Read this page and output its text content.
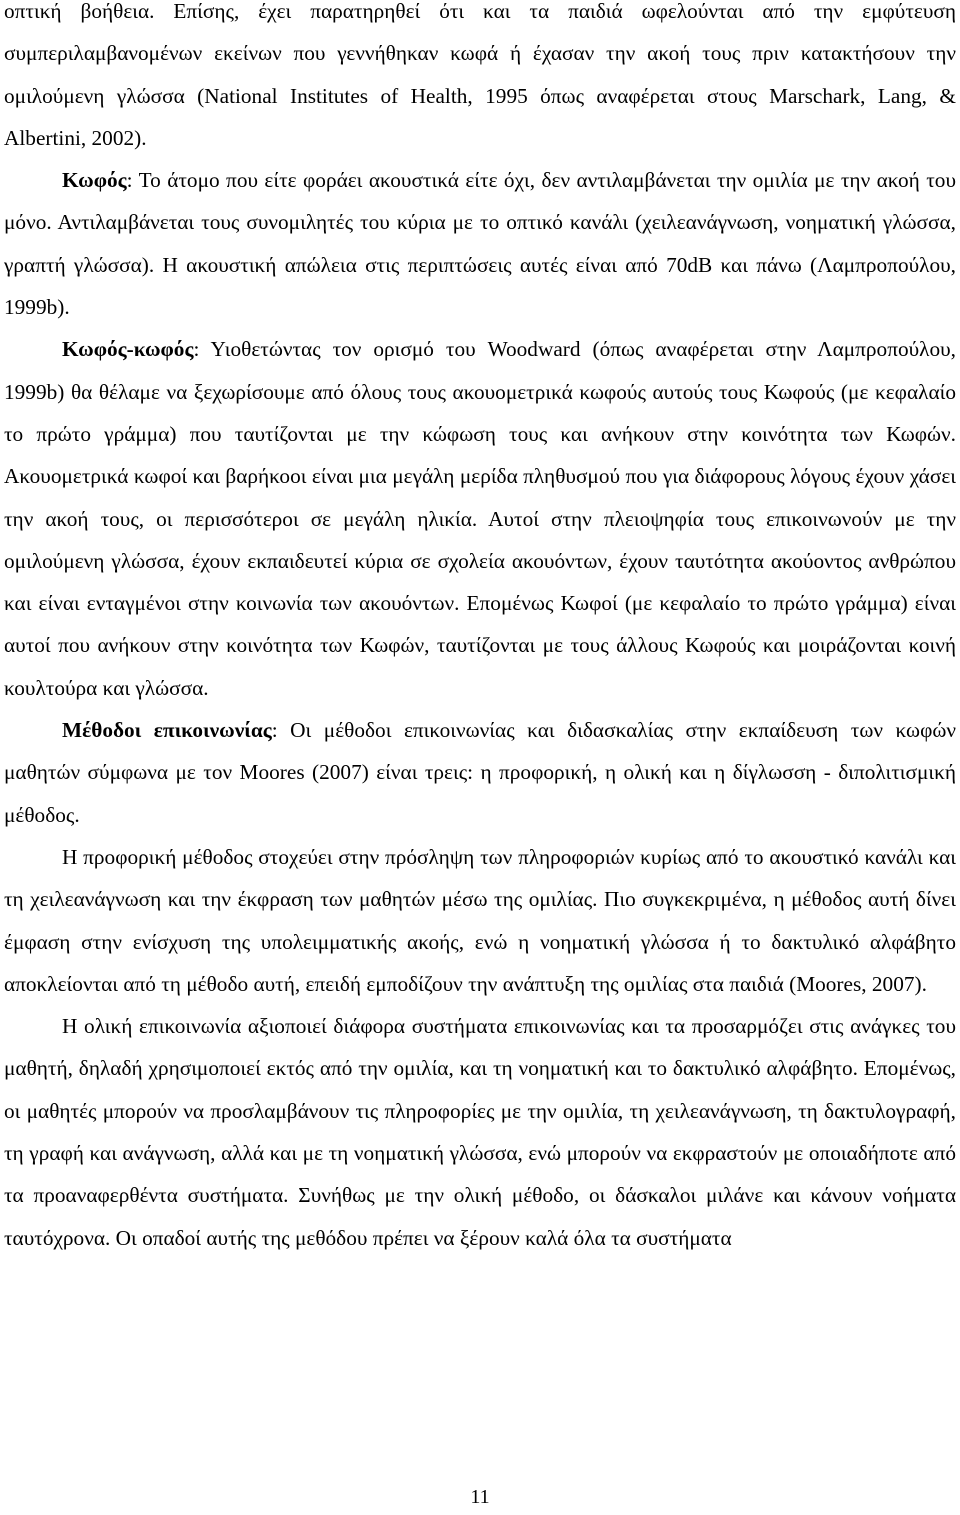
οπτική βοήθεια. Επίσης, έχει παρατηρηθεί ότι και τα παιδιά ωφελούνται από την εμφύτευση συμπεριλαμβανομένων εκείνων που γεννήθηκαν κωφά ή έχασαν την ακοή τους πριν κατακτήσουν την ομιλούμενη γλώσσα (National Institutes of Health, 1995 όπως αναφέρεται στους Marschark, Lang, & Albertini, 2002).

Κωφός: Το άτομο που είτε φοράει ακουστικά είτε όχι, δεν αντιλαμβάνεται την ομιλία με την ακοή του μόνο. Αντιλαμβάνεται τους συνομιλητές του κύρια με το οπτικό κανάλι (χειλεανάγνωση, νοηματική γλώσσα, γραπτή γλώσσα). Η ακουστική απώλεια στις περιπτώσεις αυτές είναι από 70dB και πάνω (Λαμπροπούλου, 1999b).

Κωφός-κωφός: Υιοθετώντας τον ορισμό του Woodward (όπως αναφέρεται στην Λαμπροπούλου, 1999b) θα θέλαμε να ξεχωρίσουμε από όλους τους ακουομετρικά κωφούς αυτούς τους Κωφούς (με κεφαλαίο το πρώτο γράμμα) που ταυτίζονται με την κώφωση τους και ανήκουν στην κοινότητα των Κωφών. Ακουομετρικά κωφοί και βαρήκοοι είναι μια μεγάλη μερίδα πληθυσμού που για διάφορους λόγους έχουν χάσει την ακοή τους, οι περισσότεροι σε μεγάλη ηλικία. Αυτοί στην πλειοψηφία τους επικοινωνούν με την ομιλούμενη γλώσσα, έχουν εκπαιδευτεί κύρια σε σχολεία ακουόντων, έχουν ταυτότητα ακούοντος ανθρώπου και είναι ενταγμένοι στην κοινωνία των ακουόντων. Επομένως Κωφοί (με κεφαλαίο το πρώτο γράμμα) είναι αυτοί που ανήκουν στην κοινότητα των Κωφών, ταυτίζονται με τους άλλους Κωφούς και μοιράζονται κοινή κουλτούρα και γλώσσα.

Μέθοδοι επικοινωνίας: Οι μέθοδοι επικοινωνίας και διδασκαλίας στην εκπαίδευση των κωφών μαθητών σύμφωνα με τον Moores (2007) είναι τρεις: η προφορική, η ολική και η δίγλωσση - διπολιτισμική μέθοδος.

Η προφορική μέθοδος στοχεύει στην πρόσληψη των πληροφοριών κυρίως από το ακουστικό κανάλι και τη χειλεανάγνωση και την έκφραση των μαθητών μέσω της ομιλίας. Πιο συγκεκριμένα, η μέθοδος αυτή δίνει έμφαση στην ενίσχυση της υπολειμματικής ακοής, ενώ η νοηματική γλώσσα ή το δακτυλικό αλφάβητο αποκλείονται από τη μέθοδο αυτή, επειδή εμποδίζουν την ανάπτυξη της ομιλίας στα παιδιά (Moores, 2007).

Η ολική επικοινωνία αξιοποιεί διάφορα συστήματα επικοινωνίας και τα προσαρμόζει στις ανάγκες του μαθητή, δηλαδή χρησιμοποιεί εκτός από την ομιλία, και τη νοηματική και το δακτυλικό αλφάβητο. Επομένως, οι μαθητές μπορούν να προσλαμβάνουν τις πληροφορίες με την ομιλία, τη χειλεανάγνωση, τη δακτυλογραφή, τη γραφή και ανάγνωση, αλλά και με τη νοηματική γλώσσα, ενώ μπορούν να εκφραστούν με οποιαδήποτε από τα προαναφερθέντα συστήματα. Συνήθως με την ολική μέθοδο, οι δάσκαλοι μιλάνε και κάνουν νοήματα ταυτόχρονα. Οι οπαδοί αυτής της μεθόδου πρέπει να ξέρουν καλά όλα τα συστήματα

11
